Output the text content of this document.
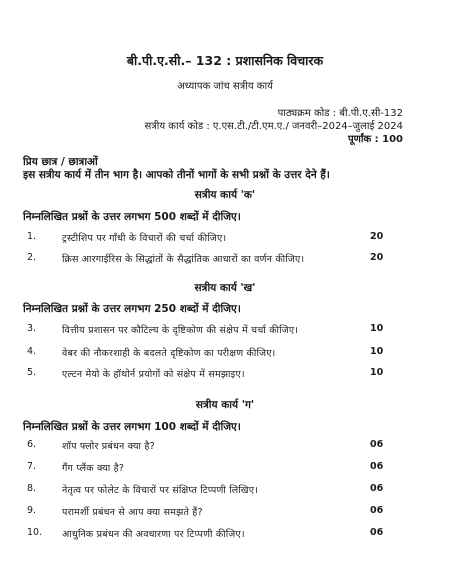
बी.पी.ए.सी.– 132 : प्रशासनिक विचारक
अध्यापक जांच सत्रीय कार्य
पाठ्यक्रम कोड : बी.पी.ए.सी-132
सत्रीय कार्य कोड : ए.एस.टी./टी.एम.ए./ जनवरी–2024–जुलाई 2024
पूर्णांक : 100
प्रिय छात्र / छात्राओं
इस सत्रीय कार्य में तीन भाग है। आपको तीनों भागों के सभी प्रश्नों के उत्तर देने हैं।
सत्रीय कार्य 'क'
निम्नलिखित प्रश्नों के उत्तर लगभग 500 शब्दों में दीजिए।
1.	ट्रस्टीशिप पर गाँधी के विचारों की चर्चा कीजिए।	20
2.	क्रिस आरगाईरिस के सिद्धांतों के सैद्धांतिक आधारों का वर्णन कीजिए।	20
सत्रीय कार्य 'ख'
निम्नलिखित प्रश्नों के उत्तर लगभग 250 शब्दों में दीजिए।
3.	वित्तीय प्रशासन पर कौटिल्य के दृष्टिकोण की संक्षेप में चर्चा कीजिए।	10
4.	वेबर की नौकरशाही के बदलते दृष्टिकोण का परीक्षण कीजिए।	10
5.	एल्टन मेयो के हॉथोर्न प्रयोगों को संक्षेप में समझाइए।	10
सत्रीय कार्य 'ग'
निम्नलिखित प्रश्नों के उत्तर लगभग 100 शब्दों में दीजिए।
6.	शॉप फ्लोर प्रबंधन क्या है?	06
7.	गैंग प्लैंक क्या है?	06
8.	नेतृत्व पर फोलेट के विचारों पर संक्षिप्त टिप्पणी लिखिए।	06
9.	परामर्शी प्रबंधन से आप क्या समझते हैं?	06
10. आधुनिक प्रबंधन की अवधारणा पर टिप्पणी कीजिए।	06
